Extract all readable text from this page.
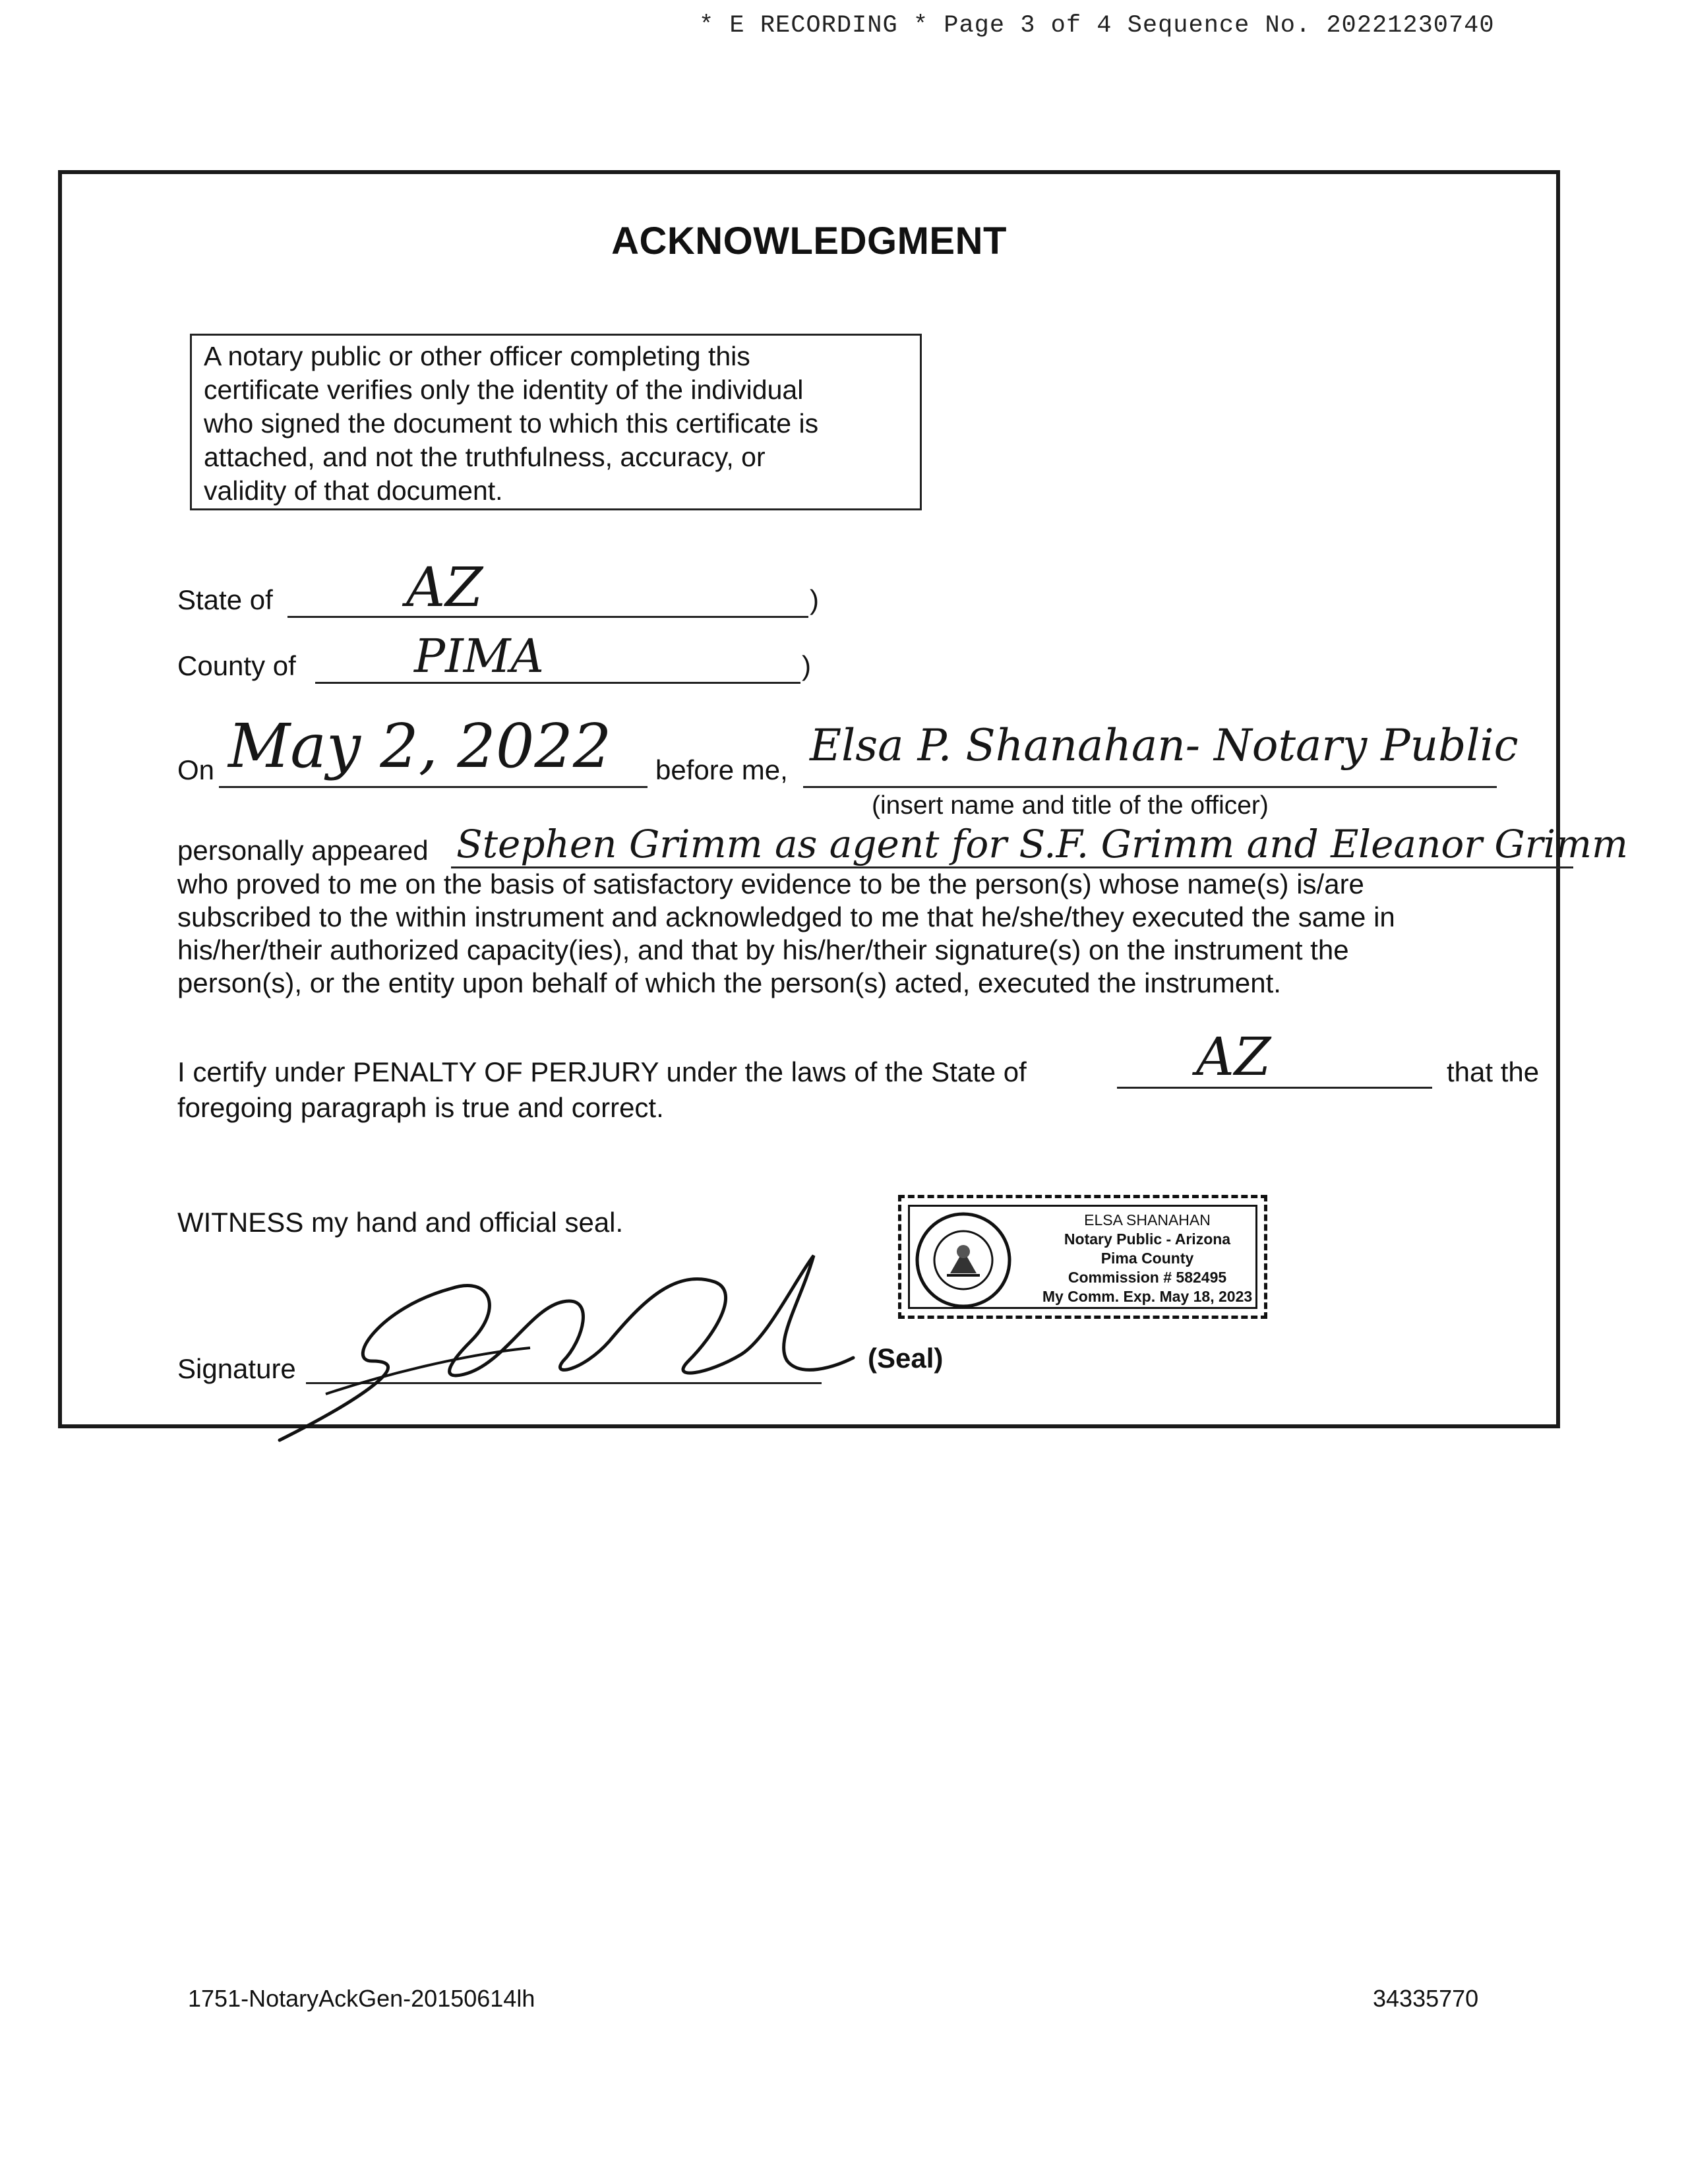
* E RECORDING * Page 3 of 4 Sequence No. 20221230740
ACKNOWLEDGMENT
A notary public or other officer completing this
certificate verifies only the identity of the individual
who signed the document to which this certificate is
attached, and not the truthfulness, accuracy, or
validity of that document.
State of AZ	)
County of	PIMA	)
On May 2, 2022 before me, Elsa P. Shanahan- Notary Public
(insert name and title of the officer)
personally appeared Stephen Grimm as agent for S.F. Grimm and Eleanor Grimm
who proved to me on the basis of satisfactory evidence to be the person(s) whose name(s) is/are
subscribed to the within instrument and acknowledged to me that he/she/they executed the same in
his/her/their authorized capacity(ies), and that by his/her/their signature(s) on the instrument the
person(s), or the entity upon behalf of which the person(s) acted, executed the instrument.
I certify under PENALTY OF PERJURY under the laws of the State of	AZ	that the
foregoing paragraph is true and correct.
WITNESS my hand and official seal.	ELSA SHANAHAN
Notary Public - Arizona
Pima County
Commission # 582495
My Comm. Exp. May 18, 2023
Signature	(Seal)
1751-NotaryAckGen-20150614lh	34335770
